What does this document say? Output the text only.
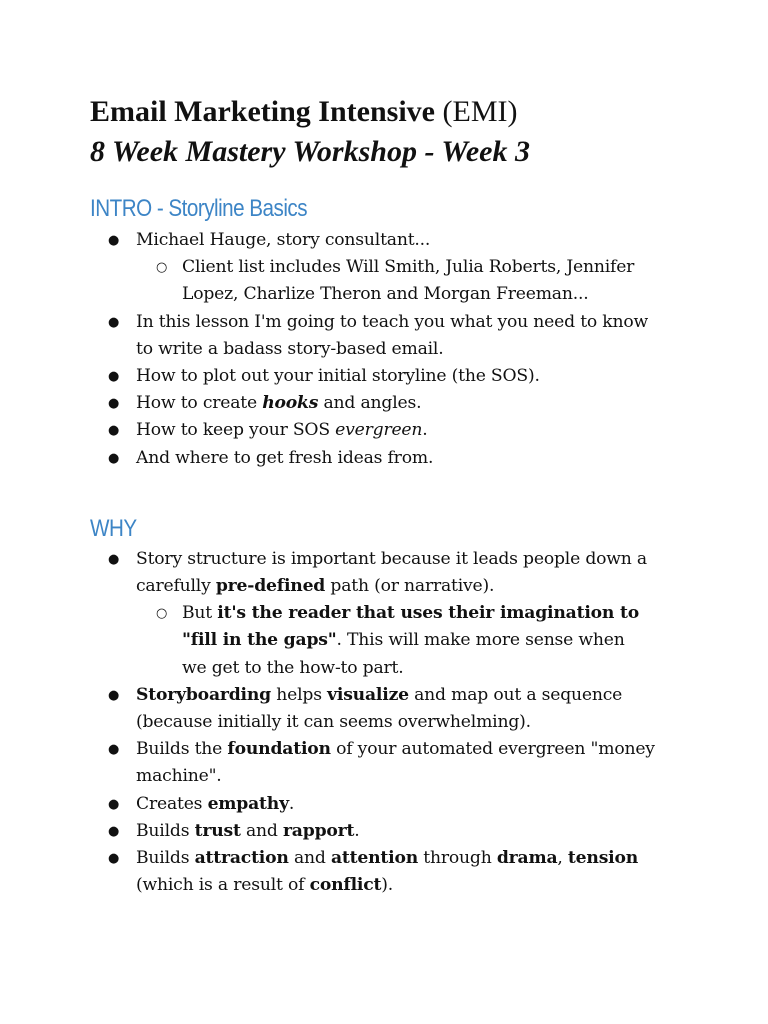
Email Marketing Intensive (EMI)
8 Week Mastery Workshop - Week 3
INTRO - Storyline Basics
●
Michael Hauge, story consultant...
○
Client list includes Will Smith, Julia Roberts, Jennifer Lopez, Charlize Theron and Morgan Freeman...
●
In this lesson I'm going to teach you what you need to know to write a badass story-based email.
●
How to plot out your initial storyline (the SOS).
●
How to create hooks and angles.
●
How to keep your SOS evergreen.
●
And where to get fresh ideas from.
WHY
●
Story structure is important because it leads people down a carefully pre-defined path (or narrative).
○
But it's the reader that uses their imagination to "fill in the gaps". This will make more sense when we get to the how-to part.
●
Storyboarding helps visualize and map out a sequence (because initially it can seems overwhelming).
●
Builds the foundation of your automated evergreen "money machine".
●
Creates empathy.
●
Builds trust and rapport.
●
Builds attraction and attention through drama, tension (which is a result of conflict).
